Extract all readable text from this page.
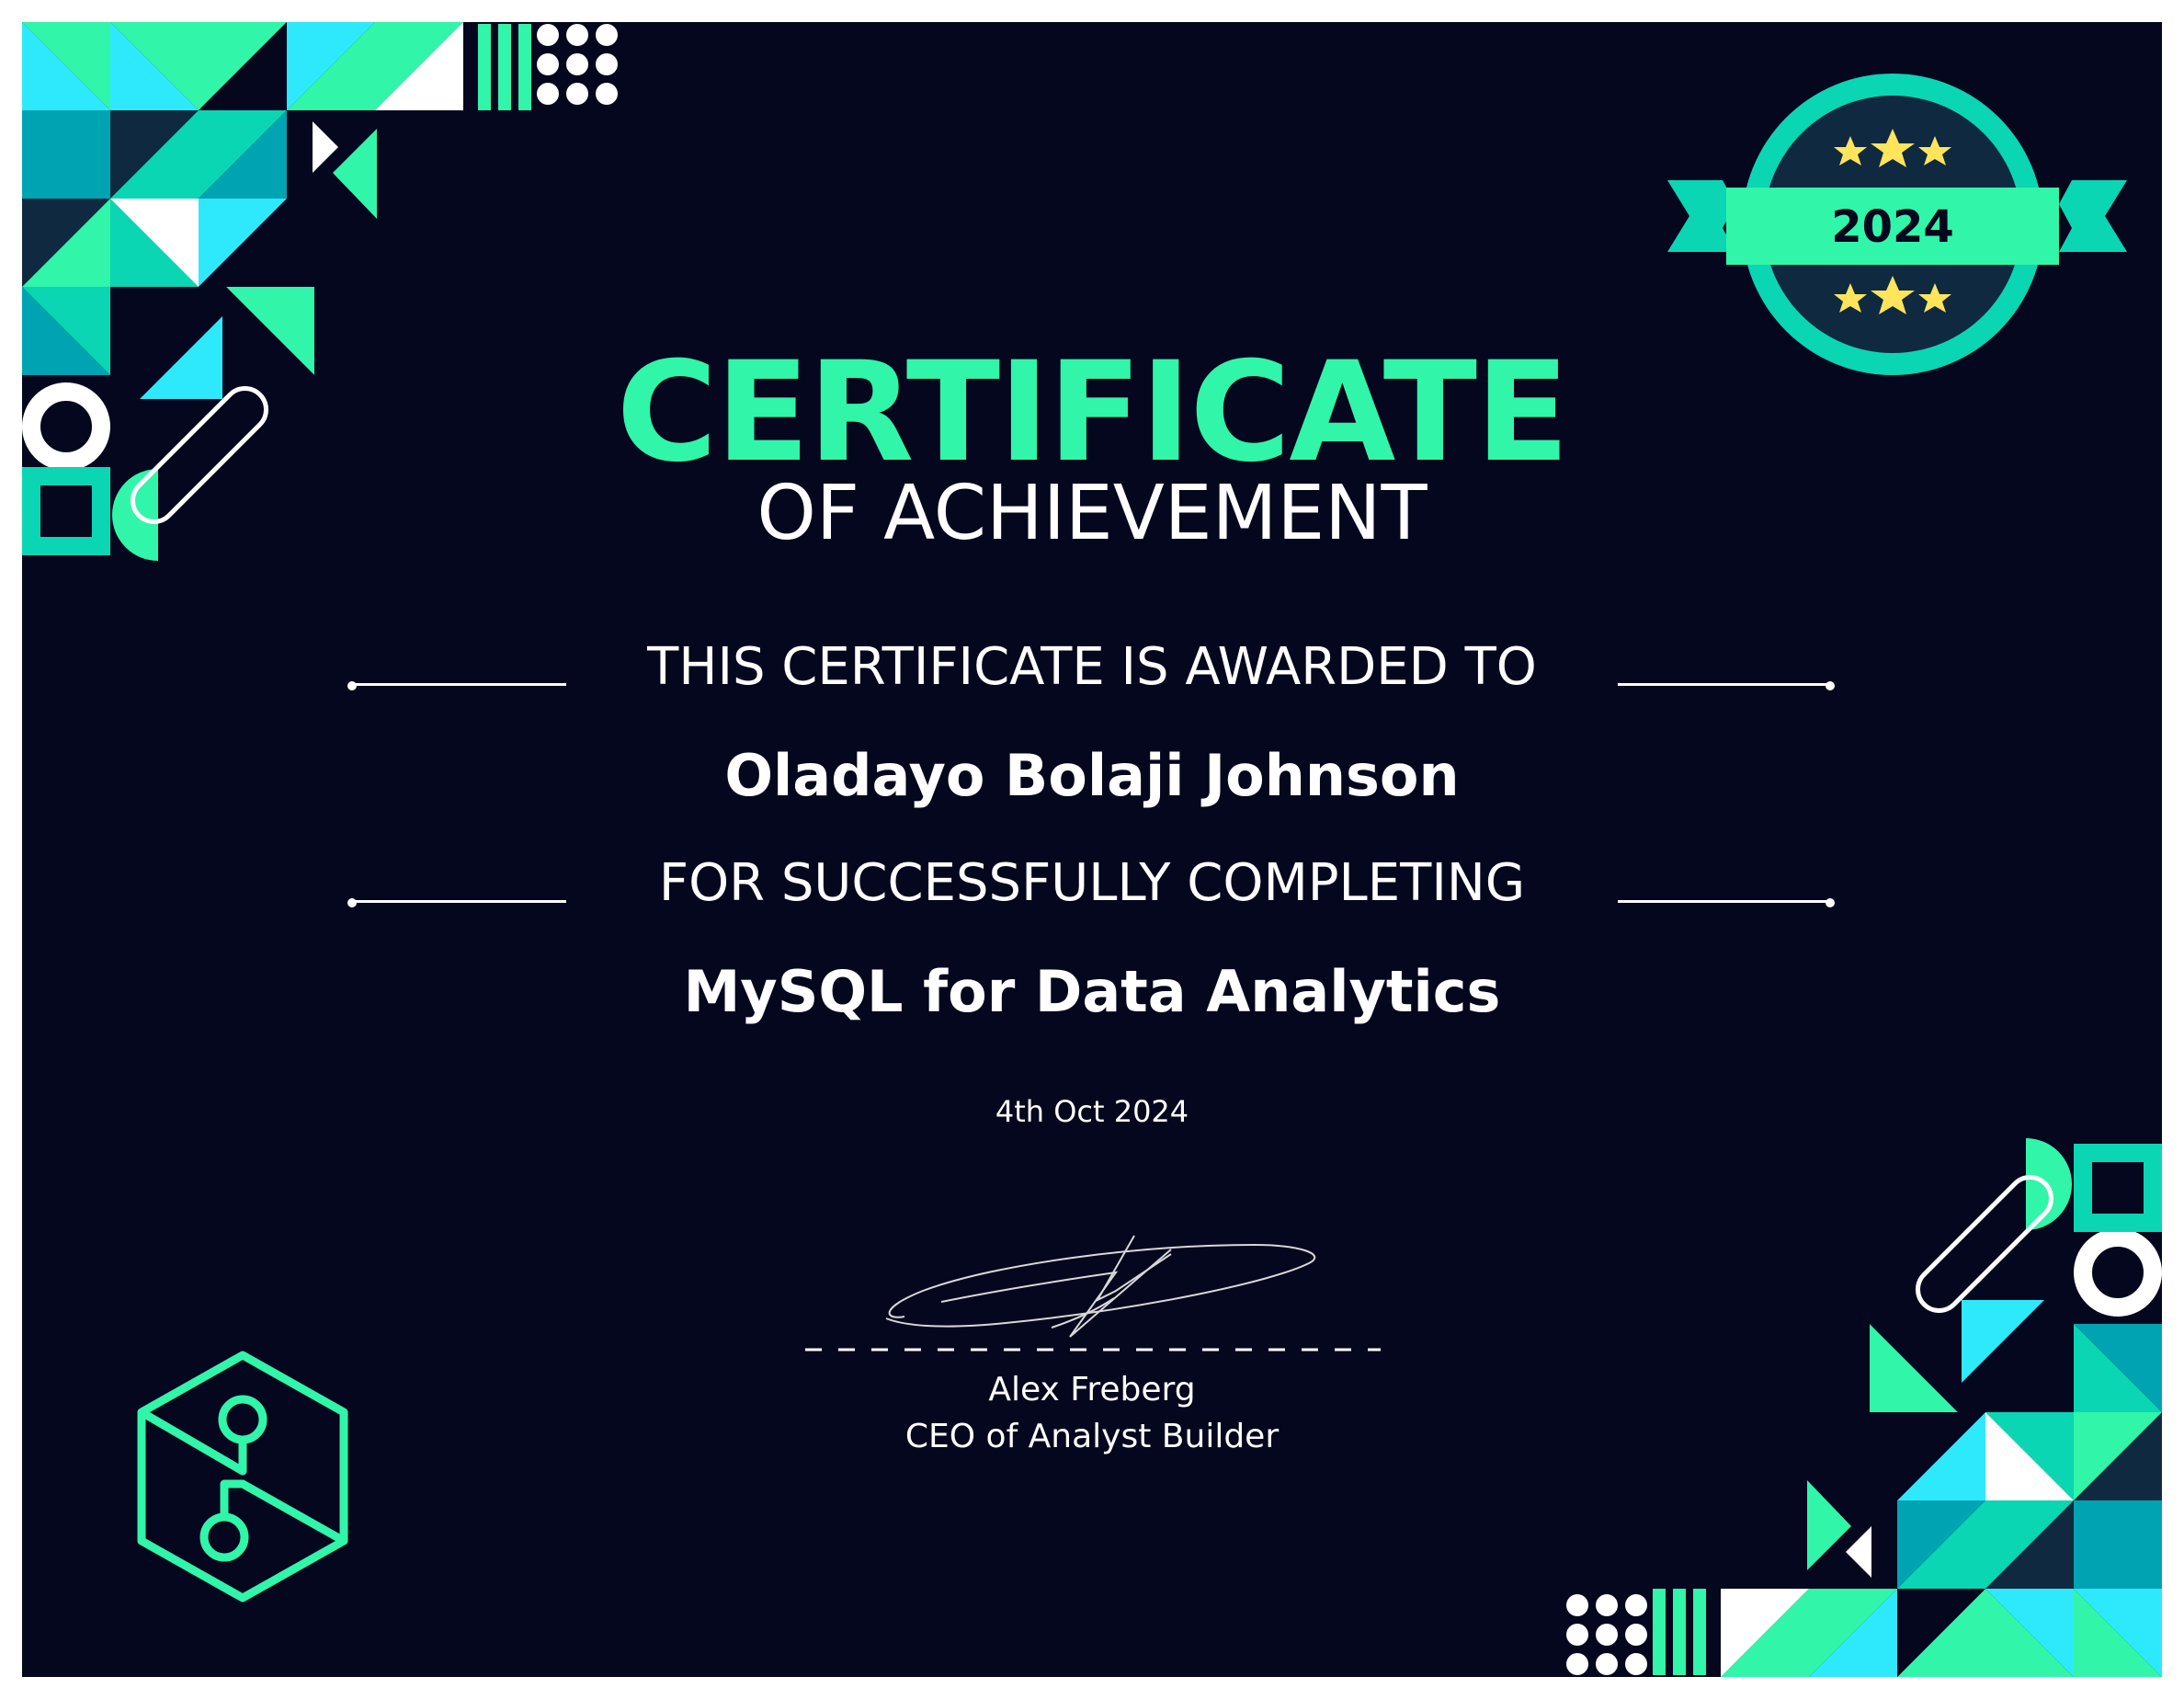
2024
CERTIFICATE
OF ACHIEVEMENT
THIS CERTIFICATE IS AWARDED TO
Oladayo Bolaji Johnson
FOR SUCCESSFULLY COMPLETING
MySQL for Data Analytics
4th Oct 2024
Alex Freberg
CEO of Analyst Builder
